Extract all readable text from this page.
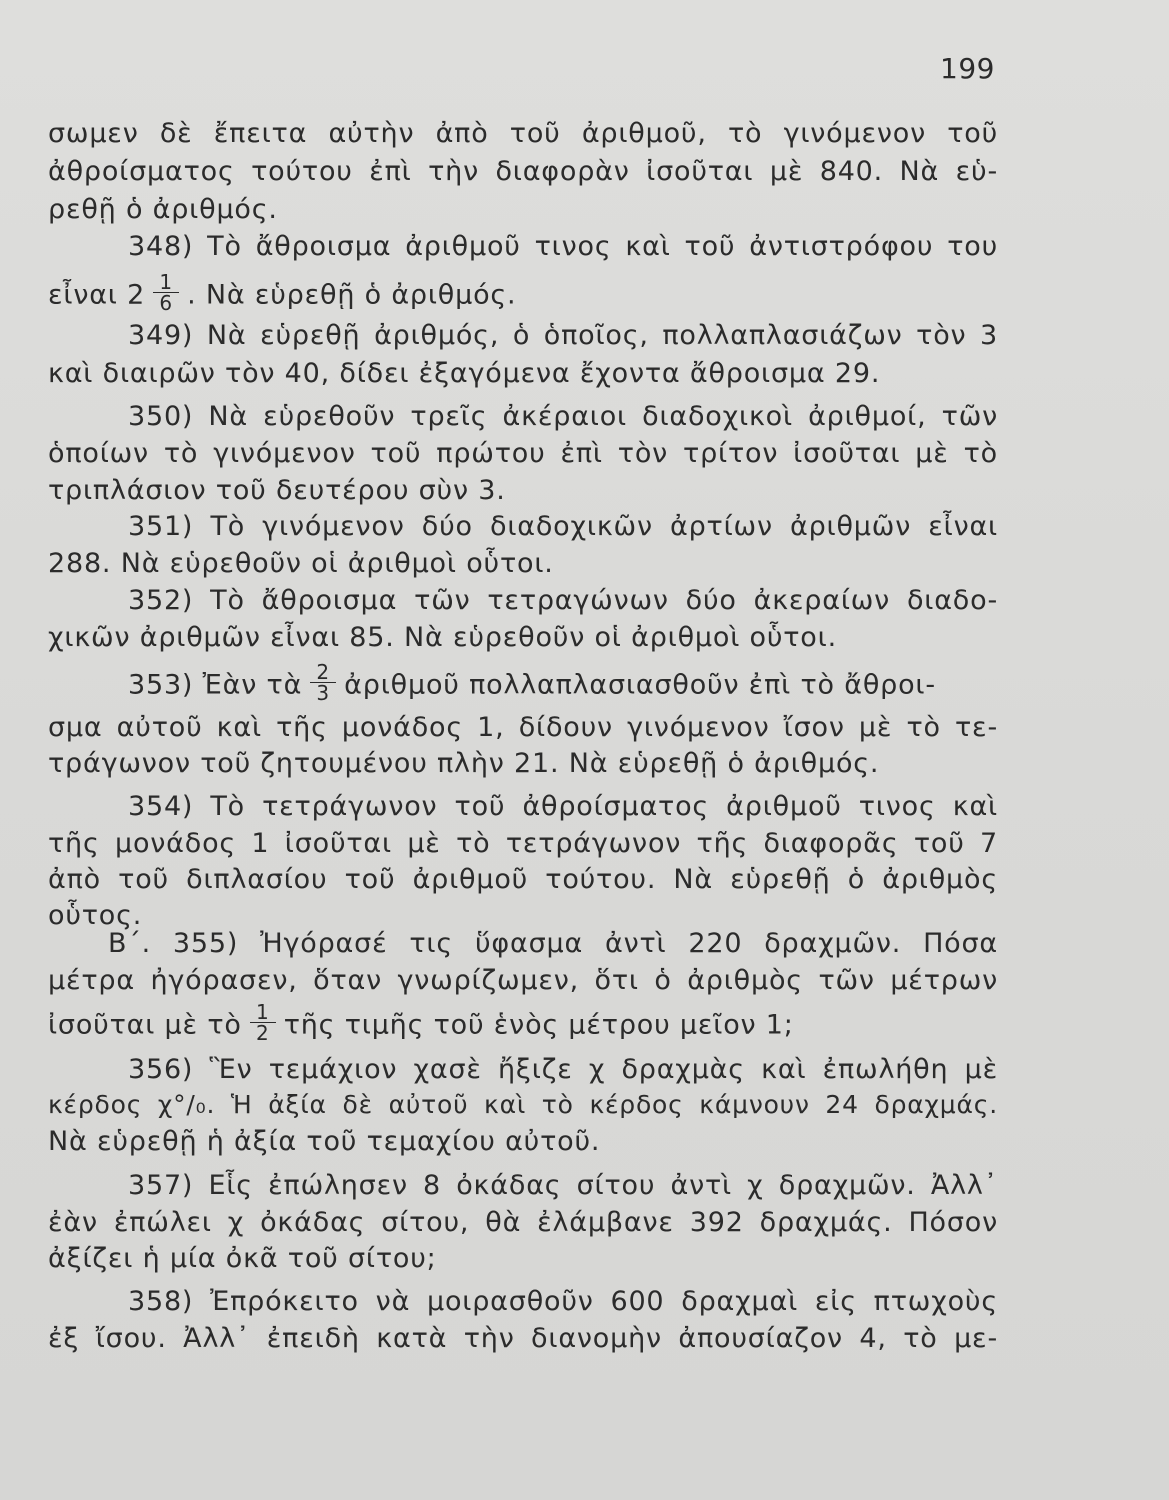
199
σωμεν δὲ ἔπειτα αὐτὴν ἀπὸ τοῦ ἀριθμοῦ, τὸ γινόμενον τοῦ
ἀθροίσματος τούτου ἐπὶ τὴν διαφορὰν ἰσοῦται μὲ 840. Νὰ εὑ-
ρεθῇ ὁ ἀριθμός.
348) Τὸ ἄθροισμα ἀριθμοῦ τινος καὶ τοῦ ἀντιστρόφου του
εἶναι $2 \frac{1}{6}$ . Νὰ εὑρεθῇ ὁ ἀριθμός.
349) Νὰ εὑρεθῇ ἀριθμός, ὁ ὁποῖος, πολλαπλασιάζων τὸν 3
καὶ διαιρῶν τὸν 40, δίδει ἐξαγόμενα ἔχοντα ἄθροισμα 29.
350) Νὰ εὑρεθοῦν τρεῖς ἀκέραιοι διαδοχικοὶ ἀριθμοί, τῶν
ὁποίων τὸ γινόμενον τοῦ πρώτου ἐπὶ τὸν τρίτον ἰσοῦται μὲ τὸ
τριπλάσιον τοῦ δευτέρου σὺν 3.
351) Τὸ γινόμενον δύο διαδοχικῶν ἀρτίων ἀριθμῶν εἶναι
288. Νὰ εὑρεθοῦν οἱ ἀριθμοὶ οὗτοι.
352) Τὸ ἄθροισμα τῶν τετραγώνων δύο ἀκεραίων διαδο-
χικῶν ἀριθμῶν εἶναι 85. Νὰ εὑρεθοῦν οἱ ἀριθμοὶ οὗτοι.
353) Ἐὰν τὰ $\frac{2}{3}$ ἀριθμοῦ πολλαπλασιασθοῦν ἐπὶ τὸ ἄθροι-
σμα αὐτοῦ καὶ τῆς μονάδος 1, δίδουν γινόμενον ἴσον μὲ τὸ τε-
τράγωνον τοῦ ζητουμένου πλὴν 21. Νὰ εὑρεθῇ ὁ ἀριθμός.
354) Τὸ τετράγωνον τοῦ ἀθροίσματος ἀριθμοῦ τινος καὶ
τῆς μονάδος 1 ἰσοῦται μὲ τὸ τετράγωνον τῆς διαφορᾶς τοῦ 7
ἀπὸ τοῦ διπλασίου τοῦ ἀριθμοῦ τούτου. Νὰ εὑρεθῇ ὁ ἀριθμὸς
οὗτος.
Β΄. 355) Ἠγόρασέ τις ὕφασμα ἀντὶ 220 δραχμῶν. Πόσα
μέτρα ἠγόρασεν, ὅταν γνωρίζωμεν, ὅτι ὁ ἀριθμὸς τῶν μέτρων
ἰσοῦται μὲ τὸ $\frac{1}{2}$ τῆς τιμῆς τοῦ ἑνὸς μέτρου μεῖον 1;
356) Ἓν τεμάχιον χασὲ ἤξιζε χ δραχμὰς καὶ ἐπωλήθη μὲ
κέρδος χ°/₀. Ἡ ἀξία δὲ αὐτοῦ καὶ τὸ κέρδος κάμνουν 24 δραχμάς.
Νὰ εὑρεθῇ ἡ ἀξία τοῦ τεμαχίου αὐτοῦ.
357) Εἷς ἐπώλησεν 8 ὀκάδας σίτου ἀντὶ χ δραχμῶν. Ἀλλ᾽
ἐὰν ἐπώλει χ ὀκάδας σίτου, θὰ ἐλάμβανε 392 δραχμάς. Πόσον
ἀξίζει ἡ μία ὀκᾶ τοῦ σίτου;
358) Ἐπρόκειτο νὰ μοιρασθοῦν 600 δραχμαὶ εἰς πτωχοὺς
ἐξ ἴσου. Ἀλλ᾽ ἐπειδὴ κατὰ τὴν διανομὴν ἀπουσίαζον 4, τὸ με-
